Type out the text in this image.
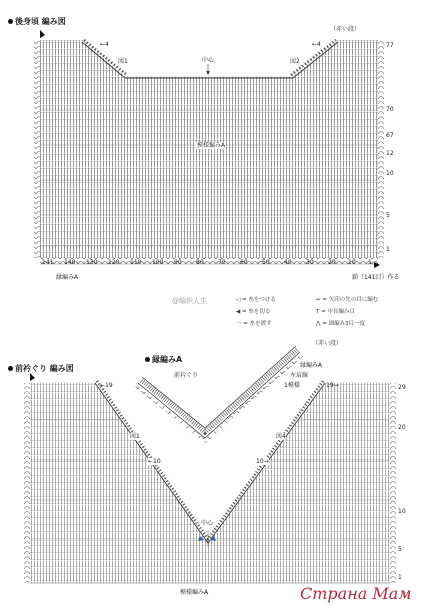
後身頃 編み図
図1	図2
中心
←4	←4
（赤い段）
模様編みA
77
70
67
12
10
5
1
141 140 130 120 110 100 90 80 70 60 50 40 30 20 10 1
縁編みA	鎖（141目）作る
@编织人生	◁ = 糸をつける
◀ = 糸を切る
〜 = 糸を渡す
↩ = 矢印の先の目に編む
T = 中長編み目
⋀ = 細編み3目一度
縁編みA
前衿ぐり
縁編みA
左肩線
1模様
（赤い段）
前衿ぐり 編み図
←19	19→
図1	図4
←10	10→
中心
模様編みA
29
20
10
5
1
Страна Мам
